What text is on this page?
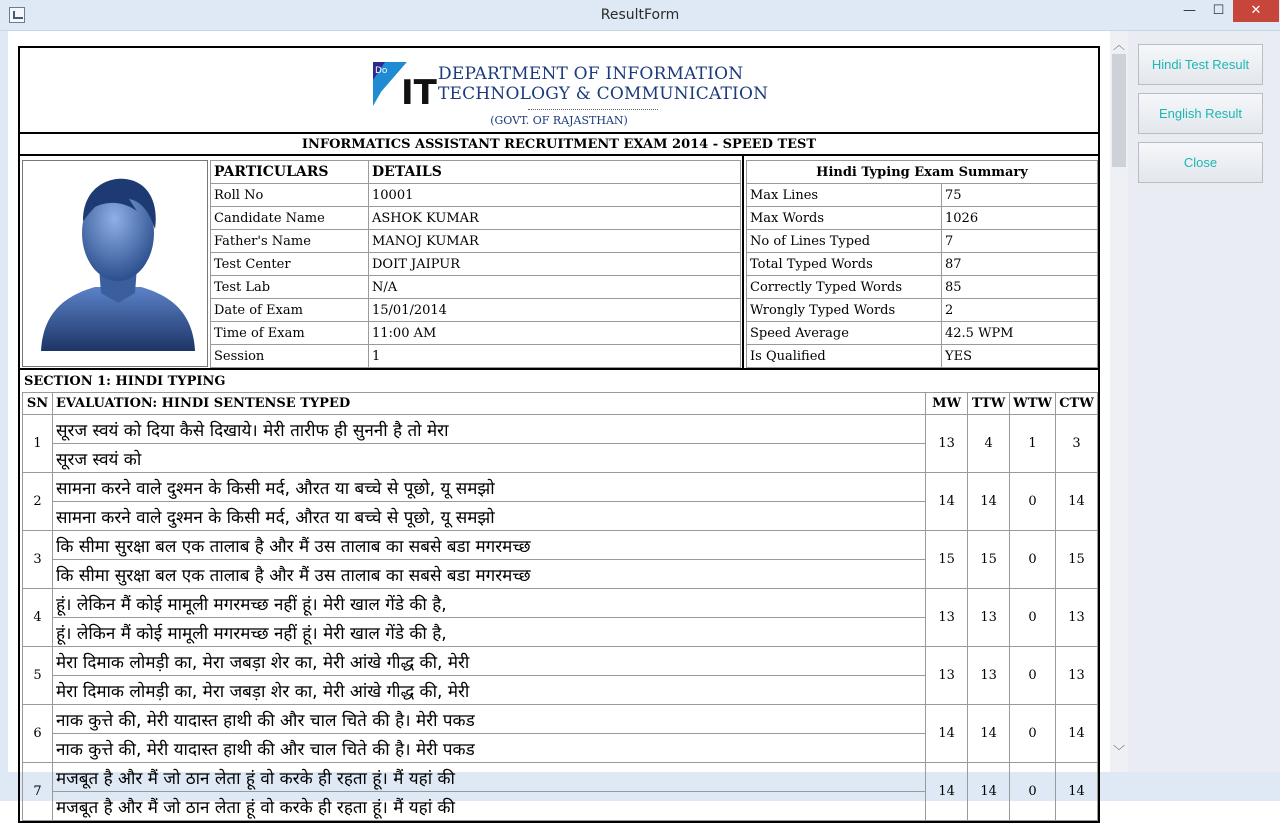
ResultForm	—	☐	✕
Do
IT DEPARTMENT OF INFORMATION
TECHNOLOGY & COMMUNICATION
(GOVT. OF RAJASTHAN)
INFORMATICS ASSISTANT RECRUITMENT EXAM 2014 - SPEED TEST
PARTICULARS	DETAILS
Roll No	10001
Candidate Name	ASHOK KUMAR
Father's Name	MANOJ KUMAR
Test Center	DOIT JAIPUR
Test Lab	N/A
Date of Exam	15/01/2014
Time of Exam	11:00 AM
Session	1
Hindi Typing Exam Summary	
Max Lines	75
Max Words	1026
No of Lines Typed	7
Total Typed Words	87
Correctly Typed Words	85
Wrongly Typed Words	2
Speed Average	42.5 WPM
Is Qualified	YES
SECTION 1: HINDI TYPING
SN	EVALUATION: HINDI SENTENSE TYPED	MW	TTW	WTW	CTW
1	सूरज स्वयं को दिया कैसे दिखाये। मेरी तारीफ ही सुननी है तो मेरा	13	4	1	3
	सूरज स्वयं को				
2	सामना करने वाले दुश्मन के किसी मर्द, औरत या बच्चे से पूछो, यू समझो	14	14	0	14
	सामना करने वाले दुश्मन के किसी मर्द, औरत या बच्चे से पूछो, यू समझो				
3	कि सीमा सुरक्षा बल एक तालाब है और मैं उस तालाब का सबसे बडा मगरमच्छ	15	15	0	15
	कि सीमा सुरक्षा बल एक तालाब है और मैं उस तालाब का सबसे बडा मगरमच्छ				
4	हूं। लेकिन मैं कोई मामूली मगरमच्छ नहीं हूं। मेरी खाल गेंडे की है,	13	13	0	13
	हूं। लेकिन मैं कोई मामूली मगरमच्छ नहीं हूं। मेरी खाल गेंडे की है,				
5	मेरा दिमाक लोमड़ी का, मेरा जबड़ा शेर का, मेरी आंखे गीद्ध की, मेरी	13	13	0	13
	मेरा दिमाक लोमड़ी का, मेरा जबड़ा शेर का, मेरी आंखे गीद्ध की, मेरी				
6	नाक कुत्ते की, मेरी यादास्त हाथी की और चाल चिते की है। मेरी पकड	14	14	0	14
	नाक कुत्ते की, मेरी यादास्त हाथी की और चाल चिते की है। मेरी पकड				
7	मजबूत है और मैं जो ठान लेता हूं वो करके ही रहता हूं। मैं यहां की	14	14	0	14
	मजबूत है और मैं जो ठान लेता हूं वो करके ही रहता हूं। मैं यहां की				
︿
﹀
Hindi Test Result
English Result
Close
